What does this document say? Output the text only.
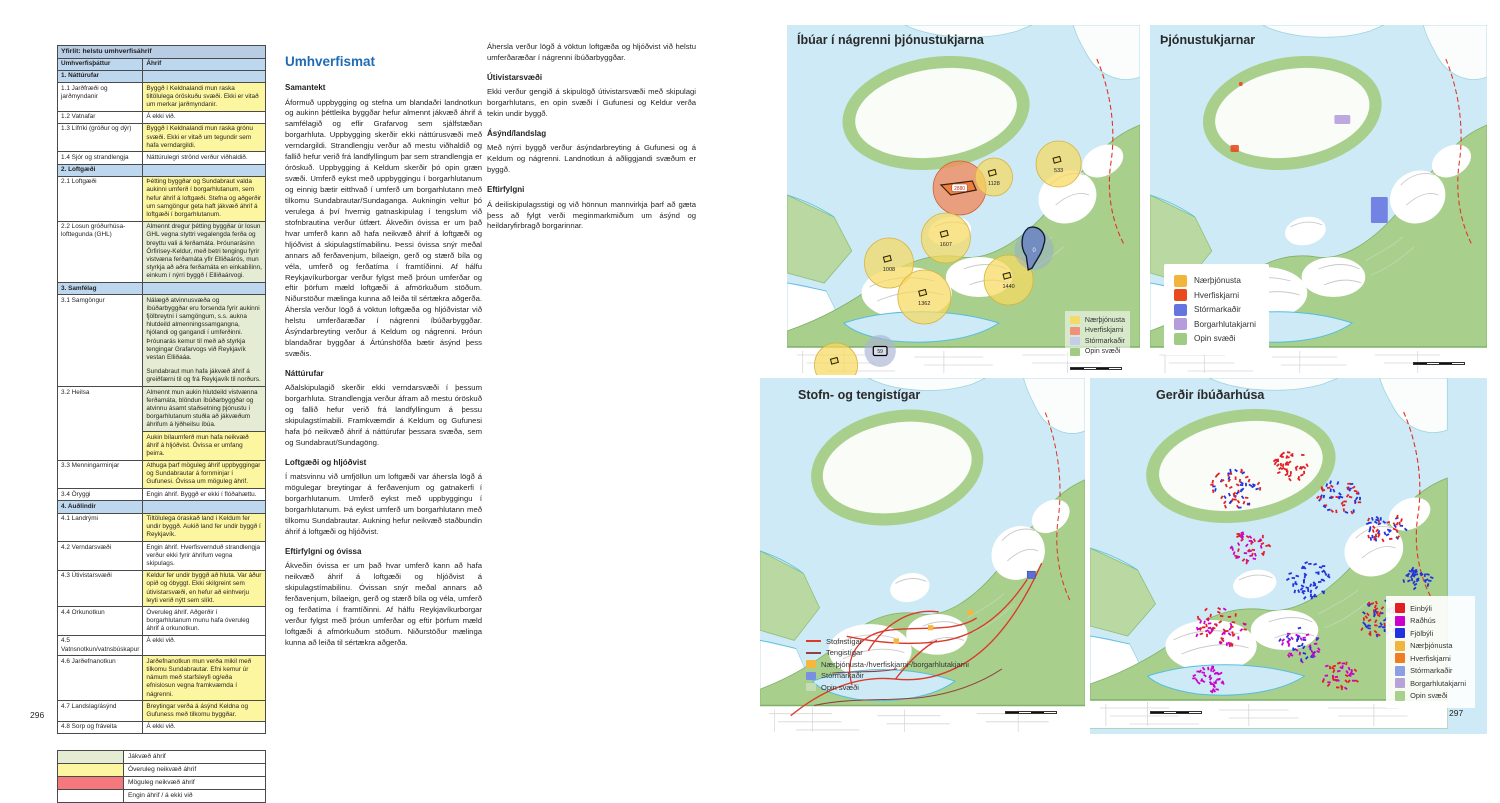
Yfirlit: helstu umhverfisáhrif	
Umhverfisþáttur	Áhrif
1. Náttúrufar	
1.1 Jarðfræði og jarðmyndanir	Byggð í Keldnalandi mun raska tiltölulega óröskuðu svæði. Ekki er vitað um merkar jarðmyndanir.

1.2 Vatnafar	Á ekki við.

1.3 Lífríki (gróður og dýr)	Byggð í Keldnalandi mun raska grónu svæði. Ekki er vitað um tegundir sem hafa verndargildi.

1.4 Sjór og strandlengja	Náttúrulegri strönd verður viðhaldið.

2. Loftgæði	
2.1 Loftgæði	Þétting byggðar og Sundabraut valda aukinni umferð í borgarhlutanum, sem hefur áhrif á loftgæði. Stefna og aðgerðir um samgöngur geta haft jákvæð áhrif á loftgæði í borgarhlutanum.

2.2 Losun gróðurhúsa-lofttegunda (GHL)	Almennt dregur þétting byggðar úr losun GHL vegna styttri vegalengda ferða og breyttu vali á ferðamáta. Þróunarásinn Örfirisey-Keldur, með betri tengingu fyrir vistvæna ferðamáta yfir Elliðaárós, mun styrkja að aðra ferðamáta en einkabílinn, einkum í nýrri byggð í Elliðaárvogi.

3. Samfélag	
3.1 Samgöngur	Nálægð atvinnusvæða og íbúðarbyggðar eru forsenda fyrir aukinni fjölbreytni í samgöngum, s.s. aukna hlutdeild almenningssamgangna, hjólandi og gangandi í umferðinni. Þróunarás kemur til með að styrkja tengingar Grafarvogs við Reykjavík vestan Elliðaáa.
Sundabraut mun hafa jákvæð áhrif á greiðfærni til og frá Reykjavík til norðurs.

3.2 Heilsa	Almennt mun aukin hlutdeild vistvænna ferðamáta, blöndun íbúðarbyggðar og atvinnu ásamt staðsetning þjónustu í borgarhlutanum stuðla að jákvæðum áhrifum á lýðheilsu íbúa.
Aukin bílaumferð mun hafa neikvæð áhrif á hljóðvist. Óvissa er umfang þeirra.

3.3 Menningarminjar	Athuga þarf möguleg áhrif uppbyggingar og Sundabrautar á fornminjar í Gufunesi. Óvissa um möguleg áhrif.

3.4 Öryggi	Engin áhrif. Byggð er ekki í flóðahættu.

4. Auðlindir	
4.1 Landrými	Tiltölulega óraskað land í Keldum fer undir byggð. Aukið land fer undir byggð í Reykjavík.

4.2 Verndarsvæði	Engin áhrif. Hverfisvernduð strandlengja verður ekki fyrir áhrifum vegna skipulags.

4.3 Útivistarsvæði	Keldur fer undir byggð að hluta. Var áður opið og óbyggt. Ekki skilgreint sem útivistarsvæði, en hefur að einhverju leyti verið nýtt sem slíkt.

4.4 Orkunotkun	Óveruleg áhrif. Aðgerðir í borgarhlutanum munu hafa óveruleg áhrif á orkunotkun.

4.5 Vatnsnotkun/vatnsbúskapur	Á ekki við.

4.6 Jarðefnanotkun	Jarðefnanotkun mun verða mikil með tilkomu Sundabrautar. Efni kemur úr námum með starfsleyfi og/eða efnislosun vegna framkvæmda í nágrenni.

4.7 Landslag/ásýnd	Breytingar verða á ásýnd Keldna og Gufuness með tilkomu byggðar.

4.8 Sorp og fráveita	Á ekki við.
	Jákvæð áhrif
	Óveruleg neikvæð áhrif
	Möguleg neikvæð áhrif
	Engin áhrif / á ekki við
Umhverfismat
Samantekt

Áformuð uppbygging og stefna um blandaðri landnotkun og aukinn þéttleika byggðar hefur almennt jákvæð áhrif á samfélagið og eflir Grafarvog sem sjálfstæðan borgarhluta. Uppbygging skerðir ekki náttúrusvæði með verndargildi. Strandlengju verður að mestu viðhaldið og fallið hefur verið frá landfyllingum þar sem strandlengja er óröskuð. Uppbygging á Keldum skerðir þó opin græn svæði. Umferð eykst með uppbyggingu í borgarhlutanum og einnig bætir eitthvað í umferð um borgarhlutann með tilkomu Sundabrautar/Sundaganga. Aukningin veltur þó verulega á því hvernig gatnaskipulag í tengslum við stofnbrautina verður útfært. Ákveðin óvissa er um það hvar umferð kann að hafa neikvæð áhrif á loftgæði og hljóðvist á skipulagstímabilinu. Þessi óvissa snýr meðal annars að ferðavenjum, bílaeign, gerð og stærð bíla og véla, umferð og ferðatíma í framtíðinni. Af hálfu Reykjavíkurborgar verður fylgst með þróun umferðar og eftir þörfum mæld loftgæði á afmörkuðum stöðum. Niðurstöður mælinga kunna að leiða til sértækra aðgerða. Áhersla verður lögð á vöktun loftgæða og hljóðvistar við helstu umferðaræðar í nágrenni íbúðarbyggðar. Ásýndarbreyting verður á Keldum og nágrenni. Þróun blandaðrar byggðar á Ártúnshöfða bætir ásýnd þess svæðis.

Náttúrufar

Aðalskipulagið skerðir ekki verndarsvæði í þessum borgarhluta. Strandlengja verður áfram að mestu óröskuð og fallið hefur verið frá landfyllingum á þessu skipulagstímabili. Framkvæmdir á Keldum og Gufunesi hafa þó neikvæð áhrif á náttúrufar þessara svæða, sem og Sundabraut/Sundagöng.

Loftgæði og hljóðvist

Í matsvinnu við umfjöllun um loftgæði var áhersla lögð á mögulegar breytingar á ferðavenjum og gatnakerfi í borgarhlutanum. Umferð eykst með uppbyggingu í borgarhlutanum. Þá eykst umferð um borgarhlutann með tilkomu Sundabrautar. Aukning hefur neikvæð staðbundin áhrif á loftgæði og hljóðvist.

Eftirfylgni og óvissa

Ákveðin óvissa er um það hvar umferð kann að hafa neikvæð áhrif á loftgæði og hljóðvist á skipulagstímabilinu. Óvissan snýr meðal annars að ferðavenjum, bílaeign, gerð og stærð bíla og véla, umferð og ferðatíma í framtíðinni. Af hálfu Reykjavíkurborgar verður fylgst með þróun umferðar og eftir þörfum mæld loftgæði á afmörkuðum stöðum. Niðurstöður mælinga kunna að leiða til sértækra aðgerða.

Áhersla verður lögð á vöktun loftgæða og hljóðvist við helstu umferðaræðar í nágrenni íbúðarbyggðar.

Útivistarsvæði

Ekki verður gengið á skipulögð útivistarsvæði með skipulagi borgarhlutans, en opin svæði í Gufunesi og Keldur verða tekin undir byggð.

Ásýnd/landslag

Með nýrri byggð verður ásýndarbreyting á Gufunesi og á Keldum og nágrenni. Landnotkun á aðliggjandi svæðum er byggð.

Eftirfylgni

Á deiliskipulagsstigi og við hönnun mannvirkja þarf að gæta þess að fylgt verði meginmarkmiðum um ásýnd og heildaryfirbragð borgarinnar.

296
2880
1128
533
1607
1008
1440
1362
0
59
Íbúar í nágrenni þjónustukjarna
Nærþjónusta
Hverfiskjarni
Stórmarkaðir
Opin svæði
Þjónustukjarnar
Nærþjónusta
Hverfiskjarni
Stórmarkaðir
Borgarhlutakjarni
Opin svæði
Stofn- og tengistígar
Stofnstígar
Tengistígar
Nærþjónusta-/hverfiskjarni-/borgarhlutakjarni
Stórmarkaðir
Opin svæði
Gerðir íbúðarhúsa
Einbýli
Raðhús
Fjölbýli
Nærþjónusta
Hverfiskjarni
Stórmarkaðir
Borgarhlutakjarni
Opin svæði
297
